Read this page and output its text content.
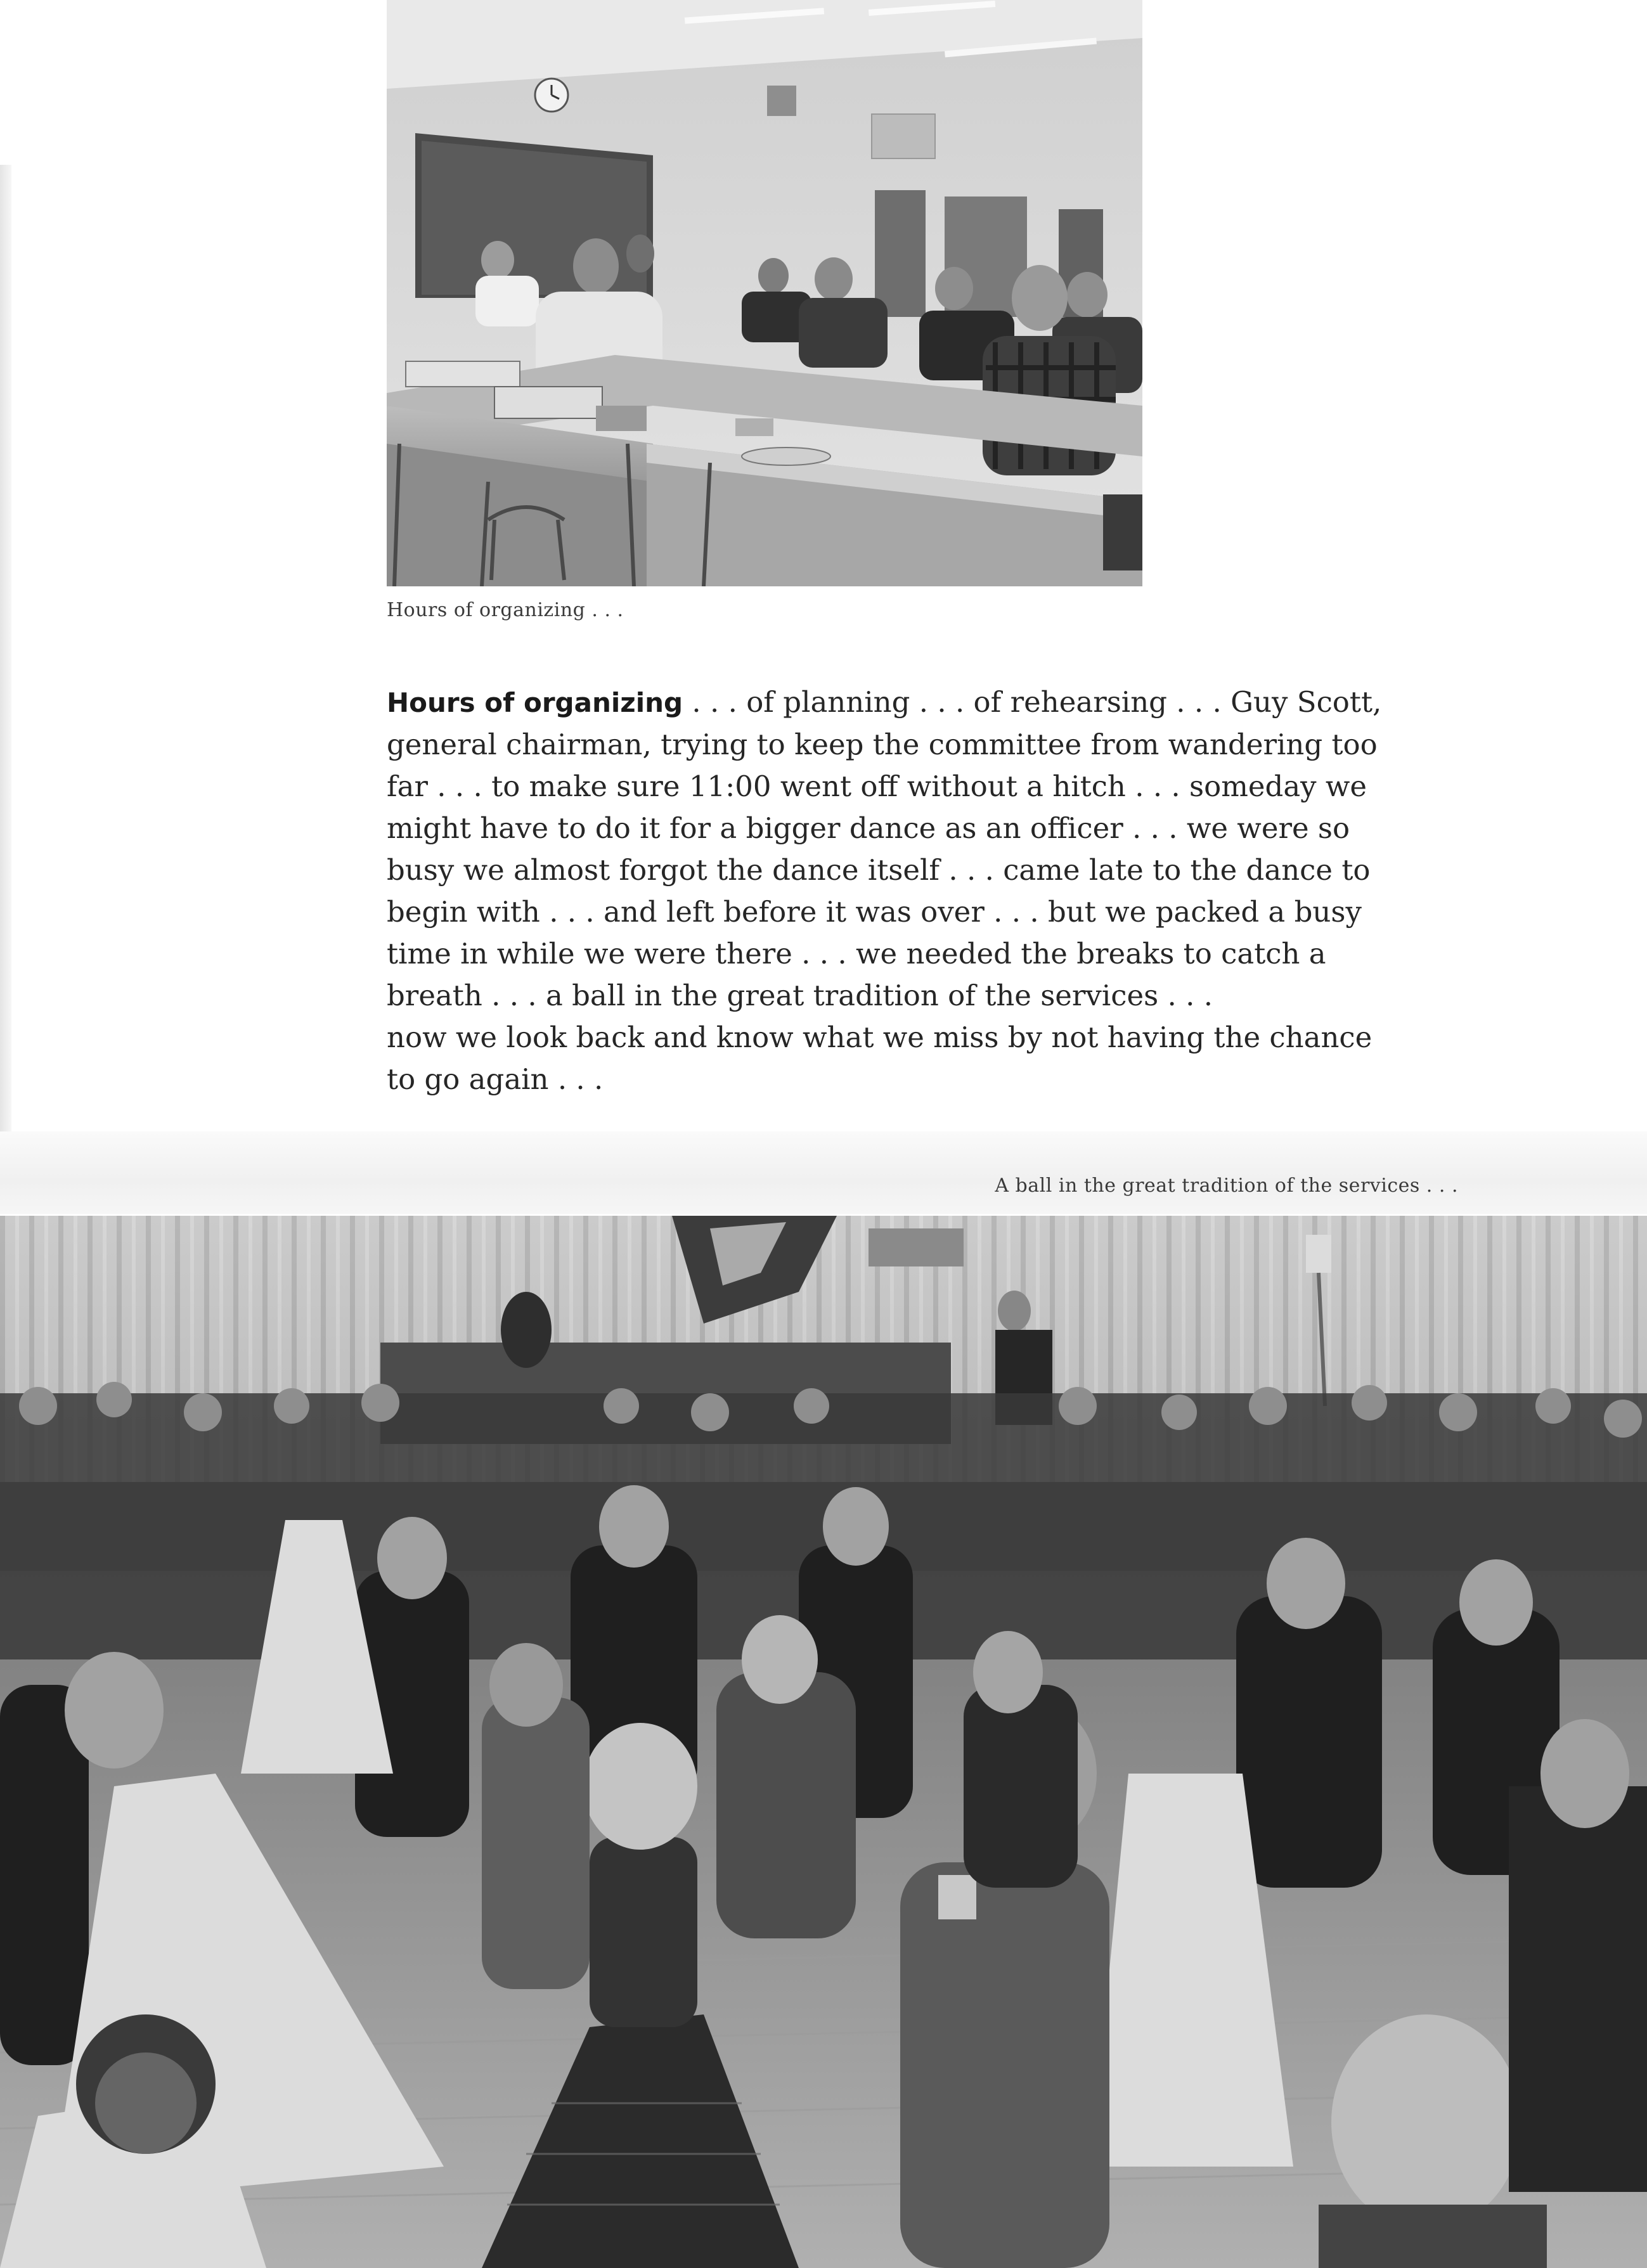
Hours of organizing . . .
Hours of organizing . . . of planning . . . of rehearsing . . . Guy Scott,
general chairman, trying to keep the committee from wandering too
far . . . to make sure 11:00 went off without a hitch . . . someday we
might have to do it for a bigger dance as an officer . . . we were so
busy we almost forgot the dance itself . . . came late to the dance to
begin with . . . and left before it was over . . . but we packed a busy
time in while we were there . . . we needed the breaks to catch a
breath . . . a ball in the great tradition of the services . . .
now we look back and know what we miss by not having the chance
to go again . . .
A ball in the great tradition of the services . . .
